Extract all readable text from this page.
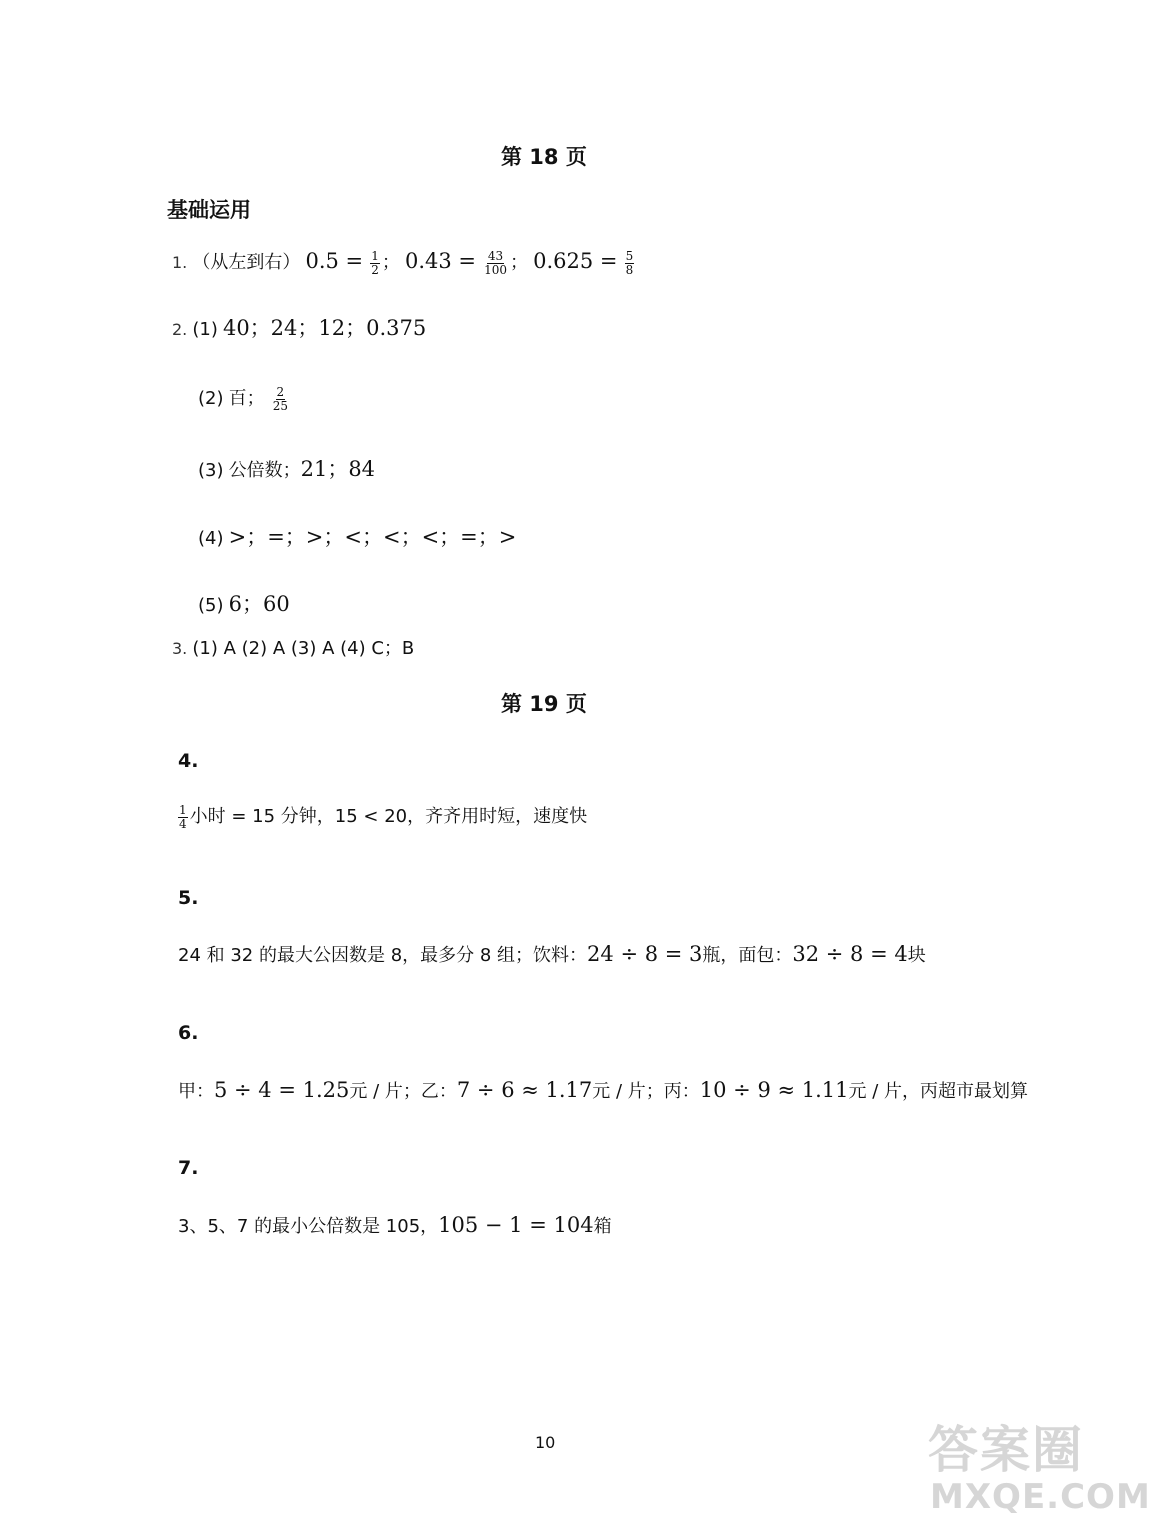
第 18 页
基础运用
1. （从左到右） $0.5 = \frac{1}{2}$ ； $0.43 = \frac{43}{100}$ ； $0.625 = \frac{5}{8}$
2. (1) 40；24；12；0.375
(2) 百； $\frac{2}{25}$
(3) 公倍数；21；84
(4) >；=；>；<；<；<；=；>
(5) 6；60
3. (1) A (2) A (3) A (4) C；B
第 19 页
4.
$\frac{1}{4}$ 小时 = 15 分钟，15 < 20，齐齐用时短，速度快
5.
24 和 32 的最大公因数是 8，最多分 8 组；饮料：24 ÷ 8 = 3瓶，面包：32 ÷ 8 = 4块
6.
甲：5 ÷ 4 = 1.25元 / 片；乙：7 ÷ 6 ≈ 1.17元 / 片；丙：10 ÷ 9 ≈ 1.11元 / 片，丙超市最划算
7.
3、5、7 的最小公倍数是 105，105 − 1 = 104箱
10	答案圈
MXQE.COM
